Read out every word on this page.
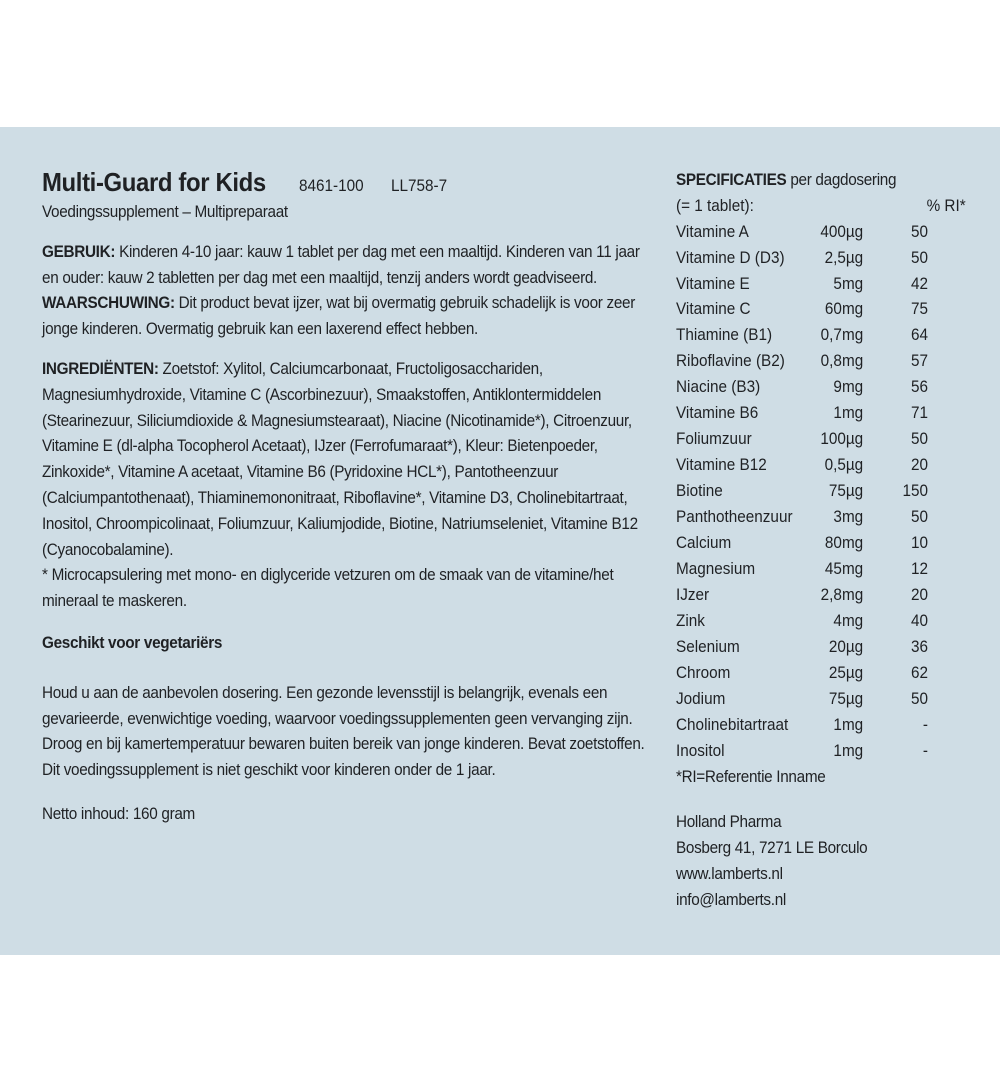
Multi-Guard for Kids 8461-100 LL758-7

Voedingssupplement – Multipreparaat

GEBRUIK: Kinderen 4-10 jaar: kauw 1 tablet per dag met een maaltijd. Kinderen van 11 jaar en ouder: kauw 2 tabletten per dag met een maaltijd, tenzij anders wordt geadviseerd.

WAARSCHUWING: Dit product bevat ijzer, wat bij overmatig gebruik schadelijk is voor zeer jonge kinderen. Overmatig gebruik kan een laxerend effect hebben.

INGREDIËNTEN: Zoetstof: Xylitol, Calciumcarbonaat, Fructoligosacchariden, Magnesiumhydroxide, Vitamine C (Ascorbinezuur), Smaakstoffen, Antiklontermiddelen (Stearinezuur, Siliciumdioxide & Magnesiumstearaat), Niacine (Nicotinamide*), Citroenzuur, Vitamine E (dl-alpha Tocopherol Acetaat), IJzer (Ferrofumaraat*), Kleur: Bietenpoeder, Zinkoxide*, Vitamine A acetaat, Vitamine B6 (Pyridoxine HCL*), Pantotheenzuur (Calciumpantothenaat), Thiaminemononitraat, Riboflavine*, Vitamine D3, Cholinebitartraat, Inositol, Chroompicolinaat, Foliumzuur, Kaliumjodide, Biotine, Natriumseleniet, Vitamine B12 (Cyanocobalamine).

* Microcapsulering met mono- en diglyceride vetzuren om de smaak van de vitamine/het mineraal te maskeren.

Geschikt voor vegetariërs

Houd u aan de aanbevolen dosering. Een gezonde levensstijl is belangrijk, evenals een gevarieerde, evenwichtige voeding, waarvoor voedingssupplementen geen vervanging zijn. Droog en bij kamertemperatuur bewaren buiten bereik van jonge kinderen. Bevat zoetstoffen. Dit voedingssupplement is niet geschikt voor kinderen onder de 1 jaar.

Netto inhoud: 160 gram

SPECIFICATIES per dagdosering

(= 1 tablet):	% RI*
Vitamine A	400µg	50
Vitamine D (D3)	2,5µg	50
Vitamine E	5mg	42
Vitamine C	60mg	75
Thiamine (B1)	0,7mg	64
Riboflavine (B2)	0,8mg	57
Niacine (B3)	9mg	56
Vitamine B6	1mg	71
Foliumzuur	100µg	50
Vitamine B12	0,5µg	20
Biotine	75µg	150
Panthotheenzuur	3mg	50
Calcium	80mg	10
Magnesium	45mg	12
IJzer	2,8mg	20
Zink	4mg	40
Selenium	20µg	36
Chroom	25µg	62
Jodium	75µg	50
Cholinebitartraat	1mg	-
Inositol	1mg	-

*RI=Referentie Inname

Holland Pharma

Bosberg 41, 7271 LE Borculo

www.lamberts.nl

info@lamberts.nl
